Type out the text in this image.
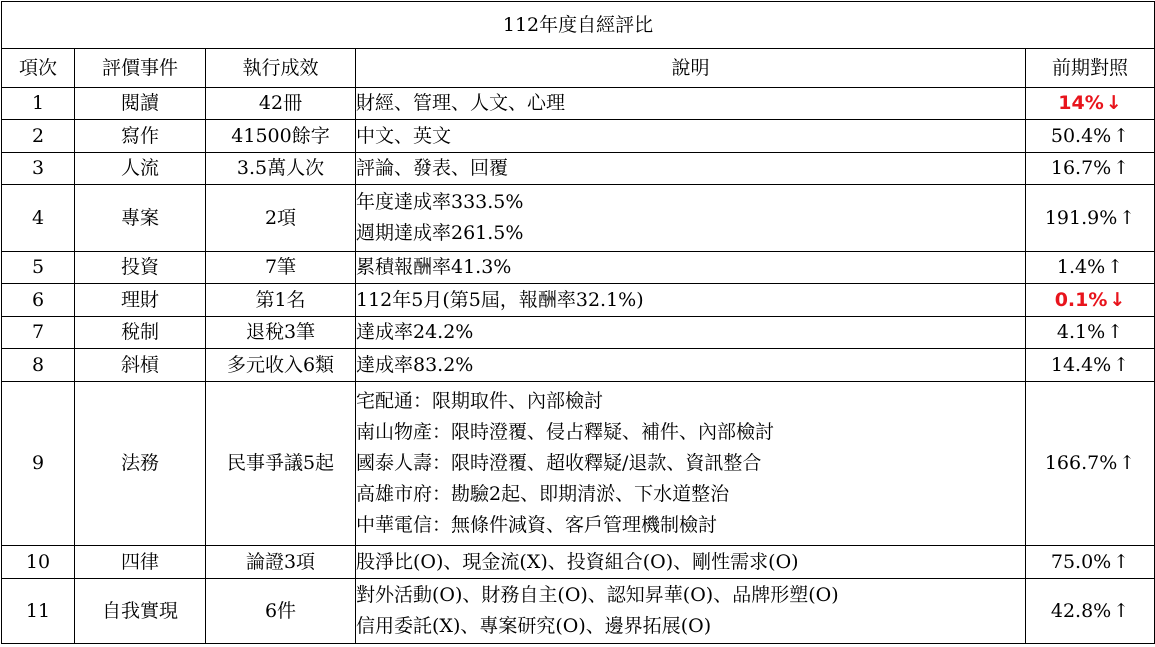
112年度自經評比				
項次	評價事件	執行成效	說明	前期對照
1	閱讀	42冊	財經、管理、人文、心理	14% ↓
2	寫作	41500餘字	中文、英文	50.4% ↑
3	人流	3.5萬人次	評論、發表、回覆	16.7% ↑
4	專案	2項	年度達成率333.5%
週期達成率261.5%	191.9% ↑
5	投資	7筆	累積報酬率41.3%	1.4% ↑
6	理財	第1名	112年5月(第5屆，報酬率32.1%)	0.1% ↓
7	稅制	退稅3筆	達成率24.2%	4.1% ↑
8	斜槓	多元收入6類	達成率83.2%	14.4% ↑
9	法務	民事爭議5起	宅配通：限期取件、內部檢討
南山物產：限時澄覆、侵占釋疑、補件、內部檢討
國泰人壽：限時澄覆、超收釋疑/退款、資訊整合
高雄市府：勘驗2起、即期清淤、下水道整治
中華電信：無條件減資、客戶管理機制檢討	166.7% ↑
10	四律	論證3項	股淨比(O)、現金流(X)、投資組合(O)、剛性需求(O)	75.0% ↑
11	自我實現	6件	對外活動(O)、財務自主(O)、認知昇華(O)、品牌形塑(O)
信用委託(X)、專案研究(O)、邊界拓展(O)	42.8% ↑
